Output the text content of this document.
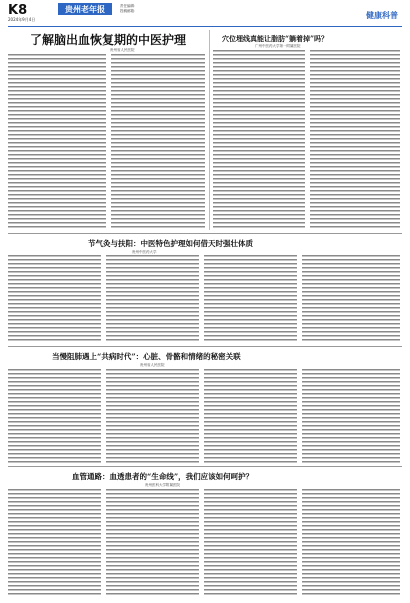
K8
2024年9月4日
贵州老年报	责任编辑：
投稿邮箱：	健康科普
了解脑出血恢复期的中医护理
贵州省人民医院
穴位埋线真能让脂肪“躺着掉”吗？
广州中医药大学第一附属医院
节气灸与扶阳：中医特色护理如何借天时强壮体质
贵州中医药大学
当慢阻肺遇上“共病时代”：心脏、骨骼和情绪的秘密关联
贵州省人民医院
血管通路：血透患者的“生命线”，我们应该如何呵护？
贵州医科大学附属医院
